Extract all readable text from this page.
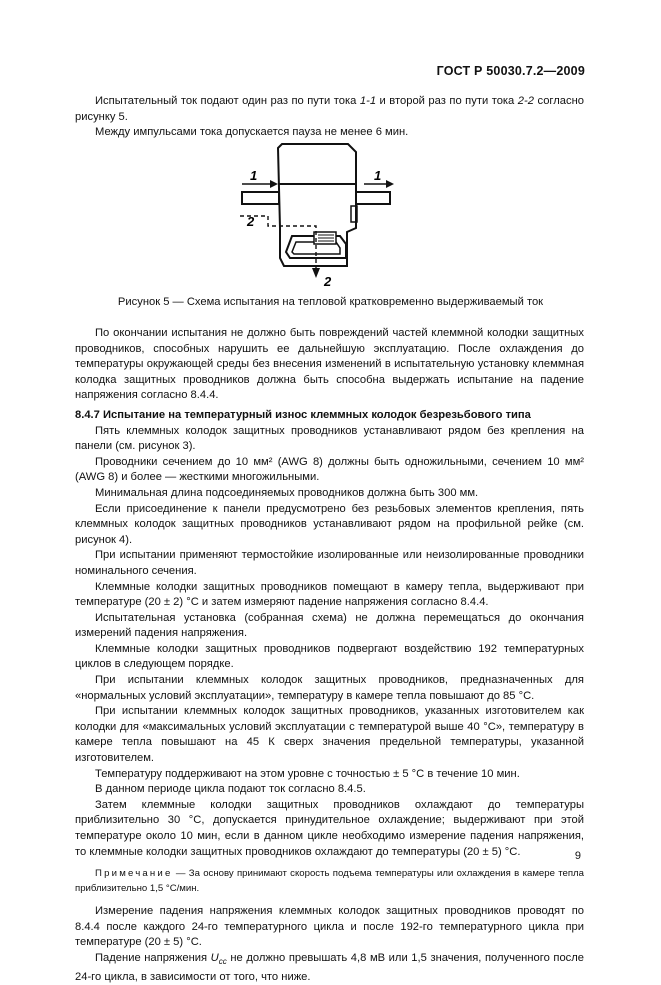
ГОСТ Р 50030.7.2—2009

Испытательный ток подают один раз по пути тока 1-1 и второй раз по пути тока 2-2 согласно рисунку 5.

Между импульсами тока допускается пауза не менее 6 мин.

1
2
1
2
Рисунок 5 — Схема испытания на тепловой кратковременно выдерживаемый ток

По окончании испытания не должно быть повреждений частей клеммной колодки защитных проводников, способных нарушить ее дальнейшую эксплуатацию. После охлаждения до температуры окружающей среды без внесения изменений в испытательную установку клеммная колодка защитных проводников должна быть способна выдержать испытание на падение напряжения согласно 8.4.4.

8.4.7 Испытание на температурный износ клеммных колодок безрезьбового типа

Пять клеммных колодок защитных проводников устанавливают рядом без крепления на панели (см. рисунок 3).

Проводники сечением до 10 мм² (AWG 8) должны быть одножильными, сечением 10 мм² (AWG 8) и более — жесткими многожильными.

Минимальная длина подсоединяемых проводников должна быть 300 мм.

Если присоединение к панели предусмотрено без резьбовых элементов крепления, пять клеммных колодок защитных проводников устанавливают рядом на профильной рейке (см. рисунок 4).

При испытании применяют термостойкие изолированные или неизолированные проводники номинального сечения.

Клеммные колодки защитных проводников помещают в камеру тепла, выдерживают при температуре (20 ± 2) °С и затем измеряют падение напряжения согласно 8.4.4.

Испытательная установка (собранная схема) не должна перемещаться до окончания измерений падения напряжения.

Клеммные колодки защитных проводников подвергают воздействию 192 температурных циклов в следующем порядке.

При испытании клеммных колодок защитных проводников, предназначенных для «нормальных условий эксплуатации», температуру в камере тепла повышают до 85 °С.

При испытании клеммных колодок защитных проводников, указанных изготовителем как колодки для «максимальных условий эксплуатации с температурой выше 40 °С», температуру в камере тепла повышают на 45 К сверх значения предельной температуры, указанной изготовителем.

Температуру поддерживают на этом уровне с точностью ± 5 °С в течение 10 мин.

В данном периоде цикла подают ток согласно 8.4.5.

Затем клеммные колодки защитных проводников охлаждают до температуры приблизительно 30 °С, допускается принудительное охлаждение; выдерживают при этой температуре около 10 мин, если в данном цикле необходимо измерение падения напряжения, то клеммные колодки защитных проводников охлаждают до температуры (20 ± 5) °С.

Примечание — За основу принимают скорость подъема температуры или охлаждения в камере тепла приблизительно 1,5 °С/мин.

Измерение падения напряжения клеммных колодок защитных проводников проводят по 8.4.4 после каждого 24-го температурного цикла и после 192-го температурного цикла при температуре (20 ± 5) °С.

Падение напряжения $U_{cc}$ не должно превышать 4,8 мВ или 1,5 значения, полученного после 24-го цикла, в зависимости от того, что ниже.

9
